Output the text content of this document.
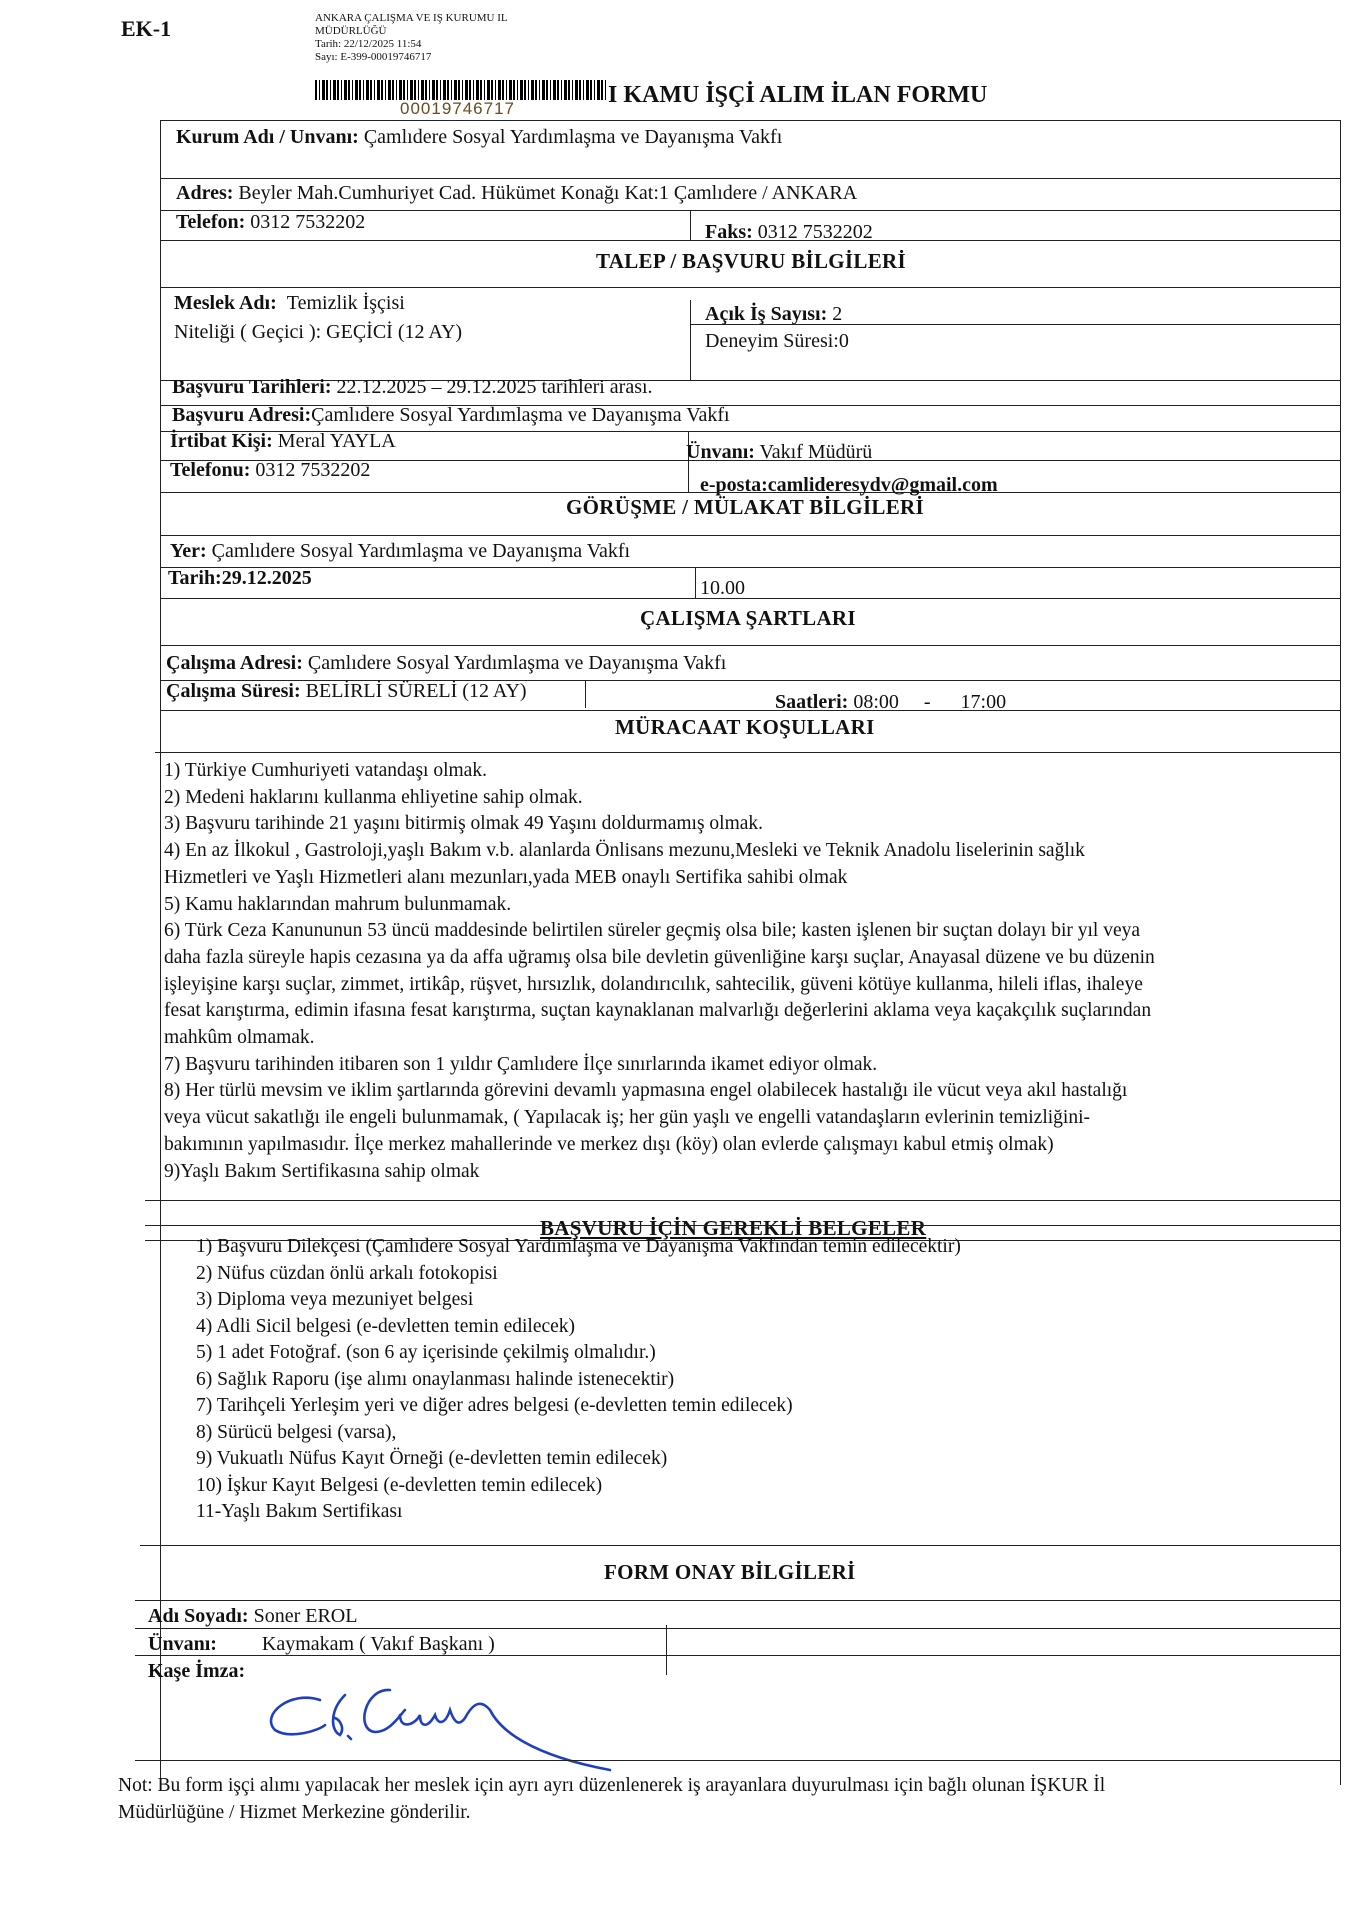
EK-1	ANKARA ÇALIŞMA VE IŞ KURUMU IL
MÜDÜRLÜĞÜ
Tarih: 22/12/2025 11:54
Sayı: E-399-00019746717
00019746717
I KAMU İŞÇİ ALIM İLAN FORMU
Kurum Adı / Unvanı: Çamlıdere Sosyal Yardımlaşma ve Dayanışma Vakfı
Adres: Beyler Mah.Cumhuriyet Cad. Hükümet Konağı Kat:1 Çamlıdere / ANKARA
Telefon: 0312 7532202	Faks: 0312 7532202
TALEP / BAŞVURU BİLGİLERİ
Meslek Adı: Temizlik İşçisi
Niteliği ( Geçici ): GEÇİCİ (12 AY)
Açık İş Sayısı: 2
Deneyim Süresi:0
Başvuru Tarihleri: 22.12.2025 – 29.12.2025 tarihleri arası.
Başvuru Adresi:Çamlıdere Sosyal Yardımlaşma ve Dayanışma Vakfı
İrtibat Kişi: Meral YAYLA	Ünvanı: Vakıf Müdürü
Telefonu: 0312 7532202
e-posta:camlideresydv@gmail.com
GÖRÜŞME / MÜLAKAT BİLGİLERİ
Yer: Çamlıdere Sosyal Yardımlaşma ve Dayanışma Vakfı
Tarih:29.12.2025	10.00
ÇALIŞMA ŞARTLARI
Çalışma Adresi: Çamlıdere Sosyal Yardımlaşma ve Dayanışma Vakfı
Çalışma Süresi: BELİRLİ SÜRELİ (12 AY)	Saatleri: 08:00 - 17:00
MÜRACAAT KOŞULLARI
1) Türkiye Cumhuriyeti vatandaşı olmak.
2) Medeni haklarını kullanma ehliyetine sahip olmak.
3) Başvuru tarihinde 21 yaşını bitirmiş olmak 49 Yaşını doldurmamış olmak.
4) En az İlkokul , Gastroloji,yaşlı Bakım v.b. alanlarda Önlisans mezunu,Mesleki ve Teknik Anadolu liselerinin sağlık
Hizmetleri ve Yaşlı Hizmetleri alanı mezunları,yada MEB onaylı Sertifika sahibi olmak
5) Kamu haklarından mahrum bulunmamak.
6) Türk Ceza Kanununun 53 üncü maddesinde belirtilen süreler geçmiş olsa bile; kasten işlenen bir suçtan dolayı bir yıl veya
daha fazla süreyle hapis cezasına ya da affa uğramış olsa bile devletin güvenliğine karşı suçlar, Anayasal düzene ve bu düzenin
işleyişine karşı suçlar, zimmet, irtikâp, rüşvet, hırsızlık, dolandırıcılık, sahtecilik, güveni kötüye kullanma, hileli iflas, ihaleye
fesat karıştırma, edimin ifasına fesat karıştırma, suçtan kaynaklanan malvarlığı değerlerini aklama veya kaçakçılık suçlarından
mahkûm olmamak.
7) Başvuru tarihinden itibaren son 1 yıldır Çamlıdere İlçe sınırlarında ikamet ediyor olmak.
8) Her türlü mevsim ve iklim şartlarında görevini devamlı yapmasına engel olabilecek hastalığı ile vücut veya akıl hastalığı
veya vücut sakatlığı ile engeli bulunmamak, ( Yapılacak iş; her gün yaşlı ve engelli vatandaşların evlerinin temizliğini-
bakımının yapılmasıdır. İlçe merkez mahallerinde ve merkez dışı (köy) olan evlerde çalışmayı kabul etmiş olmak)
9)Yaşlı Bakım Sertifikasına sahip olmak
BAŞVURU İÇİN GEREKLİ BELGELER
1) Başvuru Dilekçesi (Çamlıdere Sosyal Yardımlaşma ve Dayanışma Vakfından temin edilecektir)
2) Nüfus cüzdan önlü arkalı fotokopisi
3) Diploma veya mezuniyet belgesi
4) Adli Sicil belgesi (e-devletten temin edilecek)
5) 1 adet Fotoğraf. (son 6 ay içerisinde çekilmiş olmalıdır.)
6) Sağlık Raporu (işe alımı onaylanması halinde istenecektir)
7) Tarihçeli Yerleşim yeri ve diğer adres belgesi (e-devletten temin edilecek)
8) Sürücü belgesi (varsa),
9) Vukuatlı Nüfus Kayıt Örneği (e-devletten temin edilecek)
10) İşkur Kayıt Belgesi (e-devletten temin edilecek)
11-Yaşlı Bakım Sertifikası
FORM ONAY BİLGİLERİ
Adı Soyadı: Soner EROL
Ünvanı: Kaymakam ( Vakıf Başkanı )
Kaşe İmza:
Not: Bu form işçi alımı yapılacak her meslek için ayrı ayrı düzenlenerek iş arayanlara duyurulması için bağlı olunan İŞKUR İl
Müdürlüğüne / Hizmet Merkezine gönderilir.
